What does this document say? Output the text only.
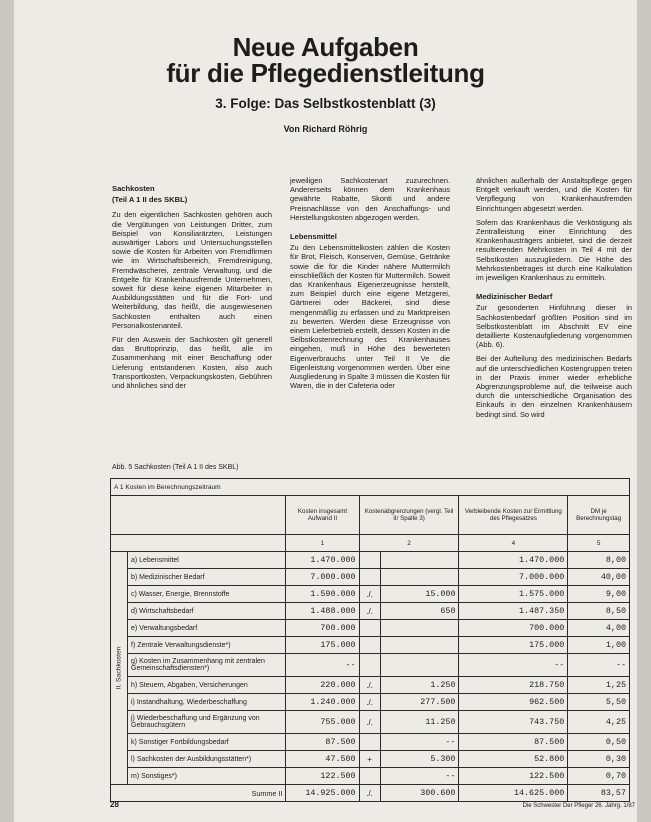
Neue Aufgaben
für die Pflegedienstleitung
3. Folge: Das Selbstkostenblatt (3)
Von Richard Röhrig
Sachkosten
(Teil A 1 II des SKBL)

Zu den eigentlichen Sachkosten gehören auch die Vergütungen von Leistungen Dritter, zum Beispiel von Konsiliarärzten, Leistungen auswärtiger Labors und Untersuchungsstellen sowie die Kosten für Arbeiten von Fremdfirmen wie im Wirtschaftsbereich, Fremdreinigung, Fremdwäscherei, zentrale Verwaltung, und die Entgelte für Krankenhausfremde Unternehmen, soweit für diese keine eigenen Mitarbeiter in Ausbildungsstätten und für die Fort- und Weiterbildung, das heißt, die ausgewiesenen Sachkosten enthalten auch einen Personalkostenanteil.

Für den Ausweis der Sachkosten gilt generell das Bruttoprinzip, das heißt, alle im Zusammenhang mit einer Beschaffung oder Lieferung entstandenen Kosten, also auch Transportkosten, Verpackungskosten, Gebühren und ähnliches sind der

jeweiligen Sachkostenart zuzurechnen. Andererseits können dem Krankenhaus gewährte Rabatte, Skonti und andere Preisnachlässe von den Anschaffungs- und Herstellungskosten abgezogen werden.

Lebensmittel

Zu den Lebensmittelkosten zählen die Kosten für Brot, Fleisch, Konserven, Gemüse, Getränke sowie die für die Kinder nähere Muttermilch einschließlich der Kosten für Muttermilch. Soweit das Krankenhaus Eigenerzeugnisse herstellt, zum Beispiel durch eine eigene Metzgerei, Gärtnerei oder Bäckerei, sind diese mengenmäßig zu erfassen und zu Marktpreisen zu bewerten. Werden diese Erzeugnisse von einem Lieferbetrieb erstellt, dessen Kosten in die Selbstkostenrechnung des Krankenhauses eingehen, muß in Höhe des bewerteten Eigenverbrauchs unter Teil II Ve die Eigenleistung vorgenommen werden. Über eine Ausgliederung in Spalte 3 müssen die Kosten für Waren, die in der Cafeteria oder

ähnlichen außerhalb der Anstaltspflege gegen Entgelt verkauft werden, und die Kosten für Verpflegung von Krankenhausfremden Einrichtungen abgesetzt werden.

Sofern das Krankenhaus die Verköstigung als Zentralleistung einer Einrichtung des Krankenhausträgers anbietet, sind die derzeit resultierenden Mehrkosten in Teil 4 mit der Selbstkosten auszugliedern. Die Höhe des Mehrkostenbetrages ist durch eine Kalkulation im jeweiligen Krankenhaus zu ermitteln.

Medizinischer Bedarf

Zur gesonderten Hinführung dieser in Sachkostenbedarf größten Position sind im Selbstkostenblatt im Abschnitt EV eine detaillierte Kostenaufgliederung vorgenommen (Abb. 6).

Bei der Aufteilung des medizinischen Bedarfs auf die unterschiedlichen Kostengruppen treten in der Praxis immer wieder erhebliche Abgrenzungsprobleme auf, die teilweise auch durch die unterschiedliche Organisation des Einkaufs in den einzelnen Krankenhäusern bedingt sind. So wird

Abb. 5 Sachkosten (Teil A 1 II des SKBL)
A 1 Kosten im Berechnungszeitraum						
		Kosten insgesamt Aufwand II	Kostenabgrenzungen (vergl. Teil II/ Spalte 3)		Verbleibende Kosten zur Ermittlung des Pflegesatzes	DM je Berechnungstag
		1	2		4	5

II. Sachkosten	a) Lebensmittel	1.470.000			1.470.000	8,00
	b) Medizinischer Bedarf	7.000.000			7.000.000	40,00
	c) Wasser, Energie, Brennstoffe	1.590.000	./.	15.000	1.575.000	9,00
	d) Wirtschaftsbedarf	1.488.000	./.	650	1.487.350	8,50
	e) Verwaltungsbedarf	700.000			700.000	4,00
	f) Zentrale Verwaltungsdienste*)	175.000			175.000	1,00
	g) Kosten im Zusammenhang mit zentralen Gemeinschaftsdiensten*)	--			--	--
	h) Steuern, Abgaben, Versicherungen	220.000	./.	1.250	218.750	1,25
	i) Instandhaltung, Wiederbeschaffung	1.240.000	./.	277.500	962.500	5,50
	j) Wiederbeschaffung und Ergänzung von Gebrauchsgütern	755.000	./.	11.250	743.750	4,25
	k) Sonstiger Fortbildungsbedarf	87.500		--	87.500	0,50
	l) Sachkosten der Ausbildungsstätten*)	47.500	+	5.300	52.800	0,30
	m) Sonstiges*)	122.500		--	122.500	0,70
Summe II		14.925.000	./.	300.600	14.625.000	83,57
28	Die Schwester Der Pfleger 26. Jahrg. 1/87
